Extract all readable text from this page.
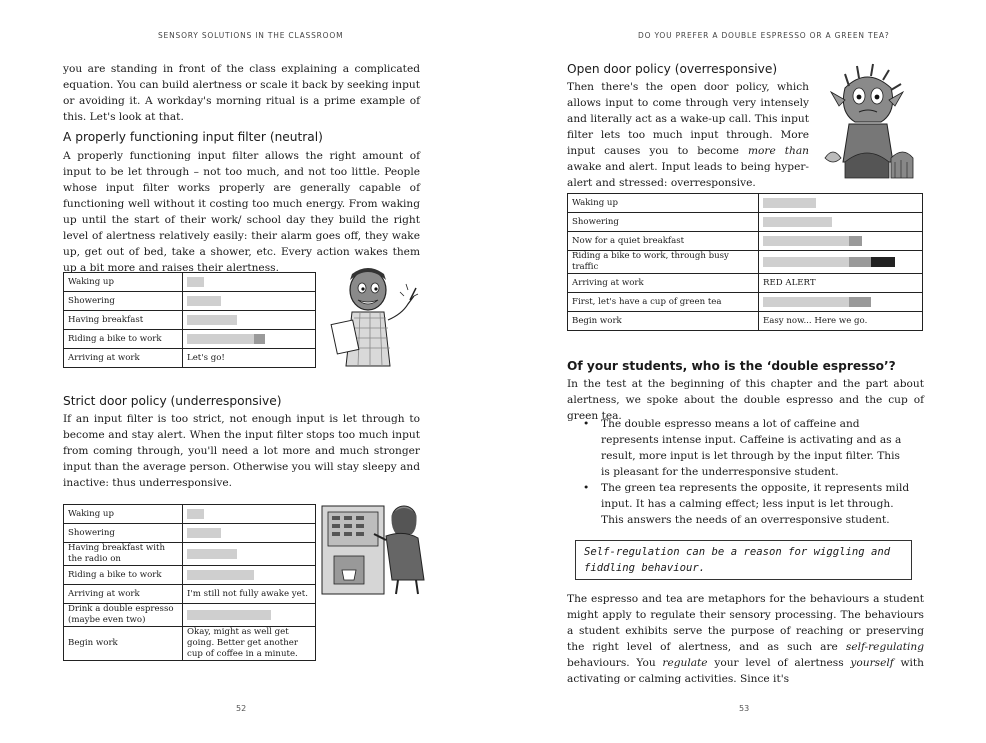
SENSORY SOLUTIONS IN THE CLASSROOM

you are standing in front of the class explaining a complicated equation. You can build alertness or scale it back by seeking input or avoiding it. A workday's morning ritual is a prime example of this. Let's look at that.

A properly functioning input filter (neutral)

A properly functioning input filter allows the right amount of input to be let through – not too much, and not too little. People whose input filter works properly are generally capable of functioning well without it costing too much energy. From waking up until the start of their work/ school day they build the right level of alertness relatively easily: their alarm goes off, they wake up, get out of bed, take a shower, etc. Every action wakes them up a bit more and raises their alertness.

Waking up	

Showering	

Having breakfast	

Riding a bike to work	

Arriving at work	Let's go!
Strict door policy (underresponsive)

If an input filter is too strict, not enough input is let through to become and stay alert. When the input filter stops too much input from coming through, you'll need a lot more and much stronger input than the average person. Otherwise you will stay sleepy and inactive: thus underresponsive.

Waking up	

Showering	

Having breakfast with the radio on	

Riding a bike to work	

Arriving at work	I'm still not fully awake yet.
Drink a double espresso (maybe even two)	

Begin work	Okay, might as well get going. Better get another cup of coffee in a minute.
52
DO YOU PREFER A DOUBLE ESPRESSO OR A GREEN TEA?
Open door policy (overresponsive)

Then there's the open door policy, which allows input to come through very intensely and literally act as a wake-up call. This input filter lets too much input through. More input causes you to become more than awake and alert. Input leads to being hyper-alert and stressed: overresponsive.

Waking up	

Showering	

Now for a quiet breakfast	

Riding a bike to work, through busy traffic	

Arriving at work	RED ALERT
First, let's have a cup of green tea	

Begin work	Easy now... Here we go.
Of your students, who is the ‘double espresso’?

In the test at the beginning of this chapter and the part about alertness, we spoke about the double espresso and the cup of green tea.

• The double espresso means a lot of caffeine and represents intense input. Caffeine is activating and as a result, more input is let through by the input filter. This is pleasant for the underresponsive student.
• The green tea represents the opposite, it represents mild input. It has a calming effect; less input is let through. This answers the needs of an overresponsive student.
Self-regulation can be a reason for wiggling and fiddling behaviour.

The espresso and tea are metaphors for the behaviours a student might apply to regulate their sensory processing. The behaviours a student exhibits serve the purpose of reaching or preserving the right level of alertness, and as such are self-regulating behaviours. You regulate your level of alertness yourself with activating or calming activities. Since it's

53
